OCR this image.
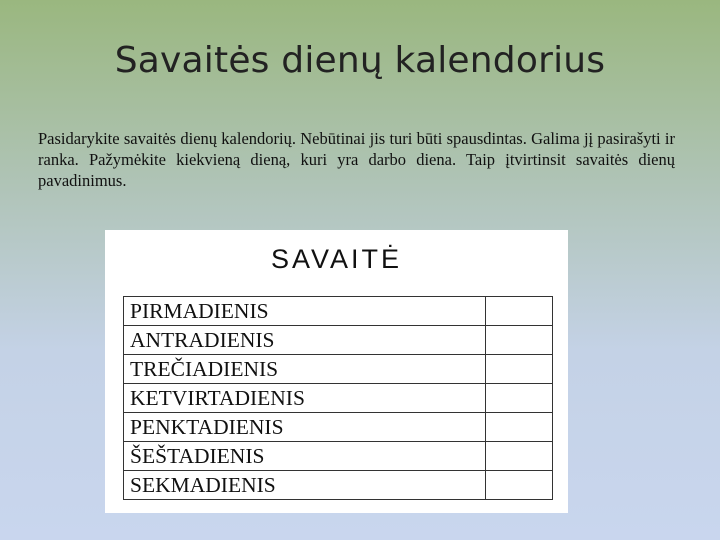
Savaitės dienų kalendorius

Pasidarykite savaitės dienų kalendorių. Nebūtinai jis turi būti spausdintas. Galima jį pasirašyti ir ranka. Pažymėkite kiekvieną dieną, kuri yra darbo diena. Taip įtvirtinsit savaitės dienų pavadinimus.

SAVAITĖ
PIRMADIENIS	
ANTRADIENIS	
TREČIADIENIS	
KETVIRTADIENIS	
PENKTADIENIS	
ŠEŠTADIENIS	
SEKMADIENIS	
